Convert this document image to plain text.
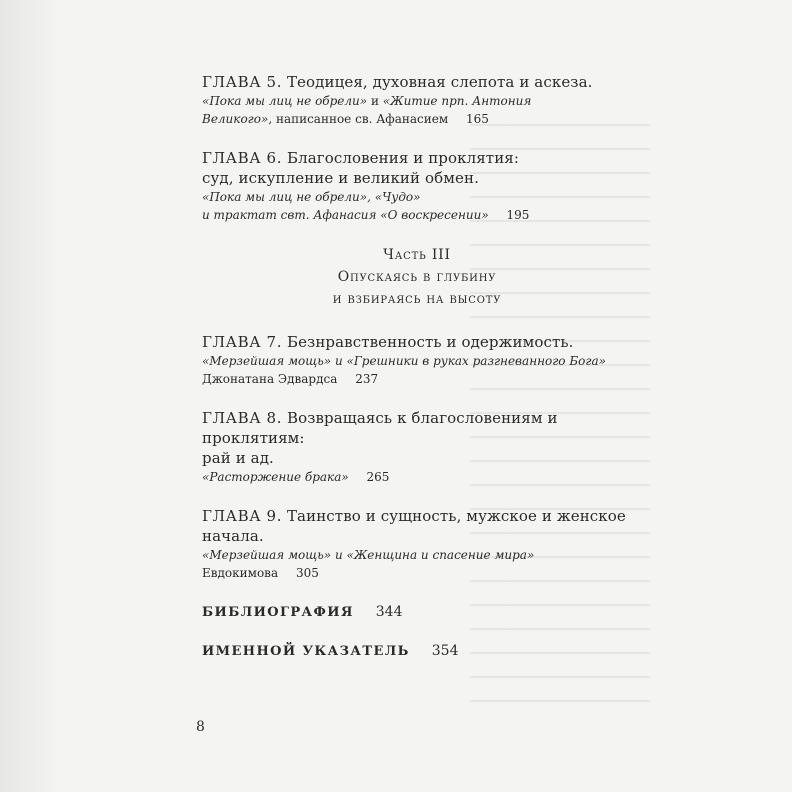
ГЛАВА 5. Теодицея, духовная слепота и аскеза.
«Пока мы лиц не обрели» и «Житие прп. Антония
Великого», написанное св. Афанасием 165
ГЛАВА 6. Благословения и проклятия:
суд, искупление и великий обмен.
«Пока мы лиц не обрели», «Чудо»
и трактат свт. Афанасия «О воскресении» 195
Часть III
Опускаясь в глубину
и взбираясь на высоту
ГЛАВА 7. Безнравственность и одержимость.
«Мерзейшая мощь» и «Грешники в руках разгневанного Бога»
Джонатана Эдвардса 237
ГЛАВА 8. Возвращаясь к благословениям и проклятиям:
рай и ад.
«Расторжение брака» 265
ГЛАВА 9. Таинство и сущность, мужское и женское
начала.
«Мерзейшая мощь» и «Женщина и спасение мира»
Евдокимова 305
БИБЛИОГРАФИЯ 344
ИМЕННОЙ УКАЗАТЕЛЬ 354
8
